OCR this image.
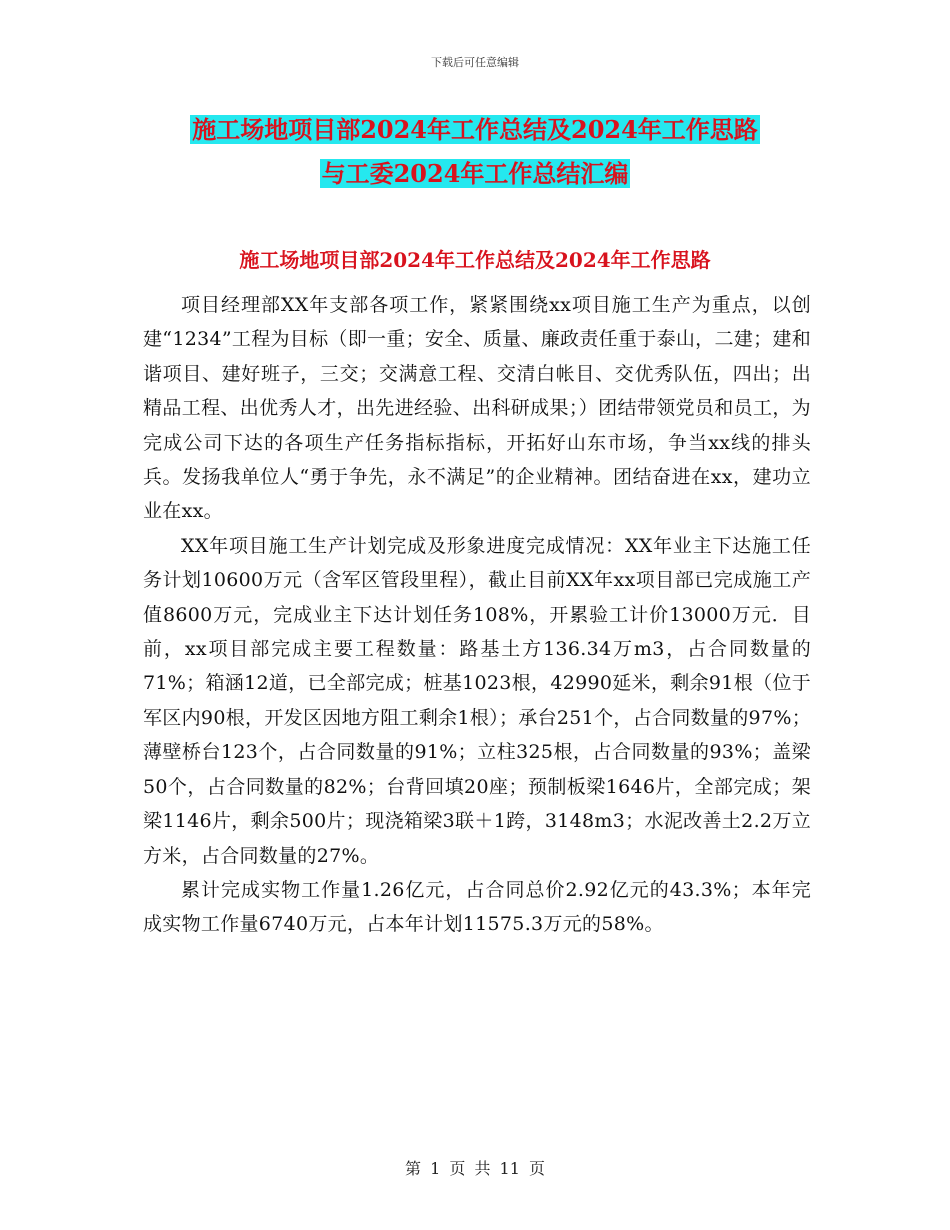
下载后可任意编辑
施工场地项目部2024年工作总结及2024年工作思路
与工委2024年工作总结汇编
施工场地项目部2024年工作总结及2024年工作思路

项目经理部XX年支部各项工作，紧紧围绕xx项目施工生产为重点，以创建“1234”工程为目标（即一重；安全、质量、廉政责任重于泰山，二建；建和谐项目、建好班子，三交；交满意工程、交清白帐目、交优秀队伍，四出；出精品工程、出优秀人才，出先进经验、出科研成果；）团结带领党员和员工，为完成公司下达的各项生产任务指标指标，开拓好山东市场，争当xx线的排头兵。发扬我单位人“勇于争先，永不满足”的企业精神。团结奋进在xx，建功立业在xx。

XX年项目施工生产计划完成及形象进度完成情况：XX年业主下达施工任务计划10600万元（含军区管段里程），截止目前XX年xx项目部已完成施工产值8600万元，完成业主下达计划任务108%，开累验工计价13000万元．目前，xx项目部完成主要工程数量：路基土方136.34万m3，占合同数量的71%；箱涵12道，已全部完成；桩基1023根，42990延米，剩余91根（位于军区内90根，开发区因地方阻工剩余1根）；承台251个，占合同数量的97%；薄壁桥台123个，占合同数量的91%；立柱325根，占合同数量的93%；盖梁50个，占合同数量的82%；台背回填20座；预制板梁1646片，全部完成；架梁1146片，剩余500片；现浇箱梁3联＋1跨，3148m3；水泥改善土2.2万立方米，占合同数量的27%。

累计完成实物工作量1.26亿元，占合同总价2.92亿元的43.3%；本年完成实物工作量6740万元，占本年计划11575.3万元的58%。

第 1 页 共 11 页
